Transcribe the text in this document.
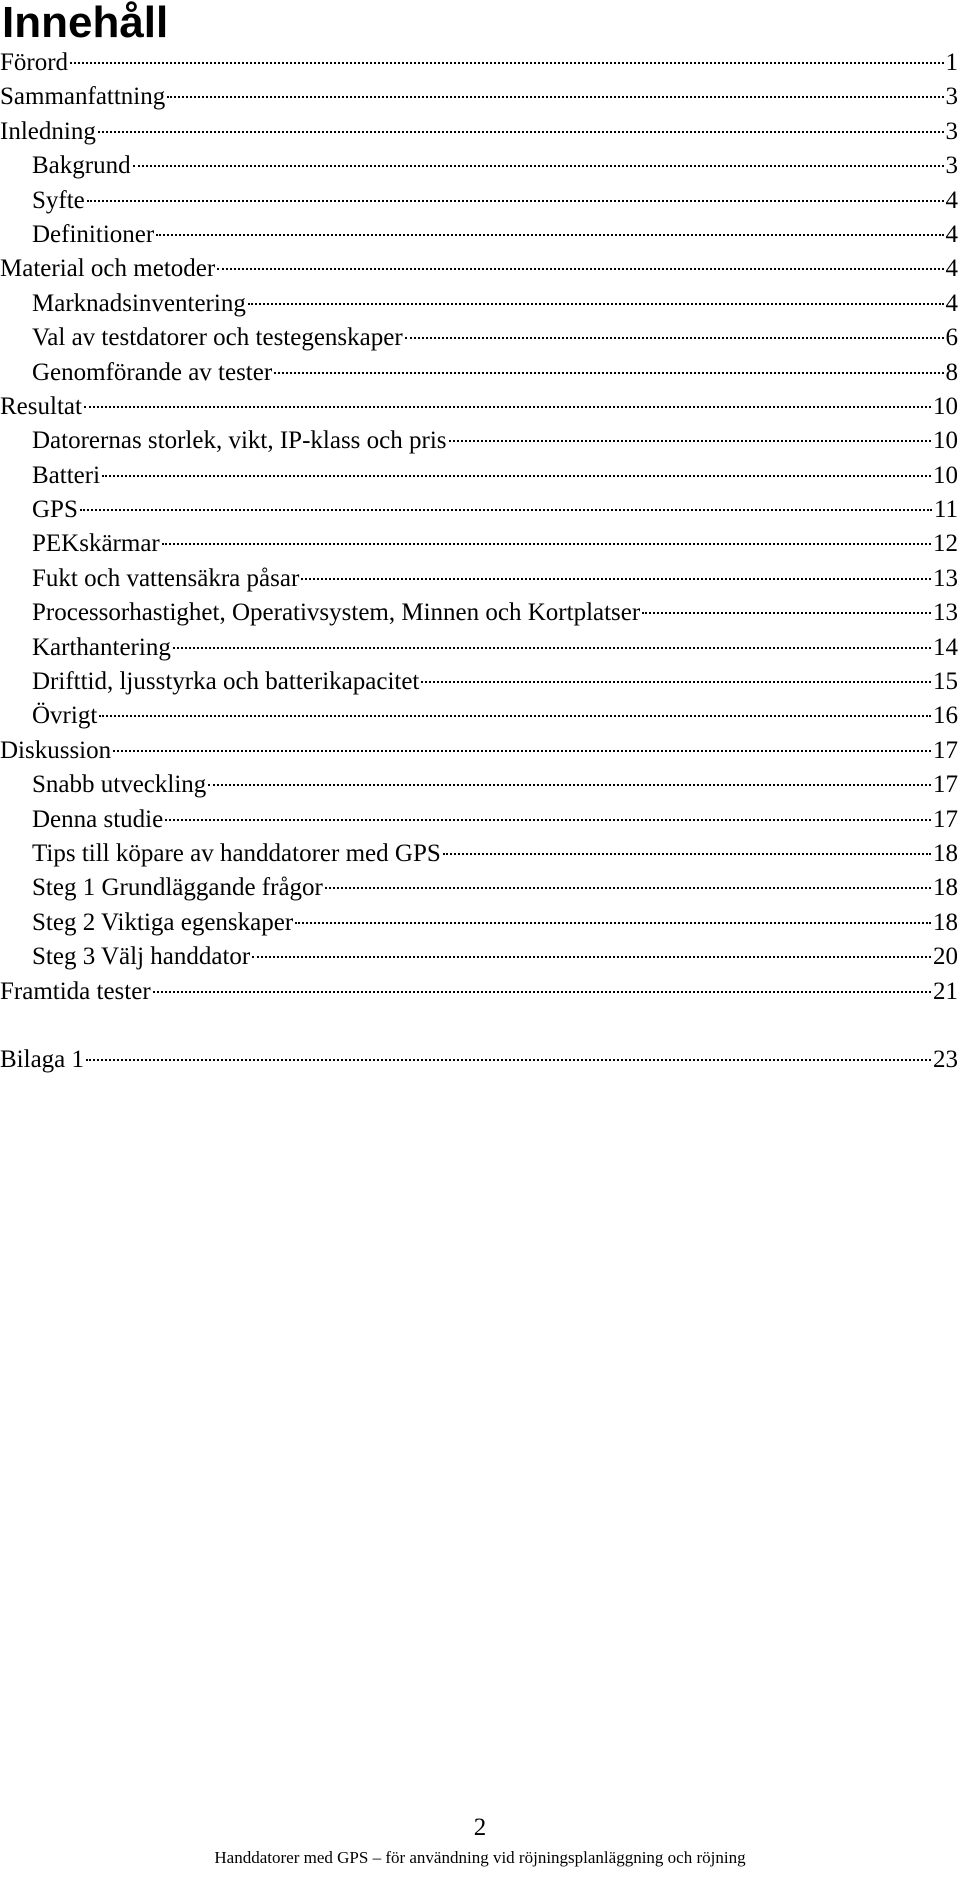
Innehåll
Förord	1
Sammanfattning	3
Inledning	3
Bakgrund	3
Syfte	4
Definitioner	4
Material och metoder	4
Marknadsinventering	4
Val av testdatorer och testegenskaper	6
Genomförande av tester	8
Resultat	10
Datorernas storlek, vikt, IP-klass och pris	10
Batteri	10
GPS	11
PEKskärmar	12
Fukt och vattensäkra påsar	13
Processorhastighet, Operativsystem, Minnen och Kortplatser	13
Karthantering	14
Drifttid, ljusstyrka och batterikapacitet	15
Övrigt	16
Diskussion	17
Snabb utveckling	17
Denna studie	17
Tips till köpare av handdatorer med GPS	18
Steg 1 Grundläggande frågor	18
Steg 2 Viktiga egenskaper	18
Steg 3 Välj handdator	20
Framtida tester	21
Bilaga 1	23
2
Handdatorer med GPS – för användning vid röjningsplanläggning och röjning
